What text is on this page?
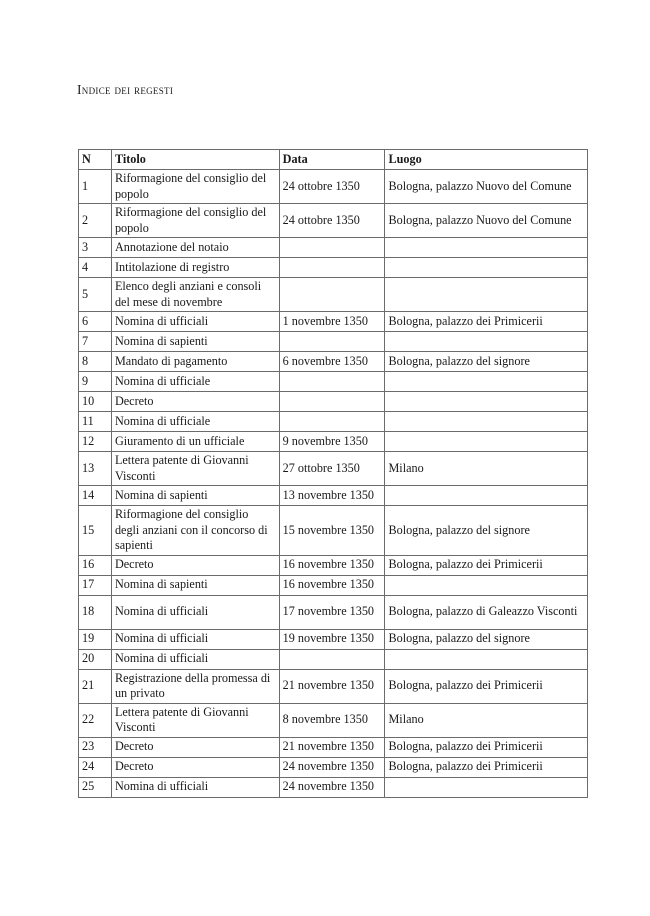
Indice dei regesti
N	Titolo	Data	Luogo
1	Riformagione del consiglio del popolo	24 ottobre 1350	Bologna, palazzo Nuovo del Comune
2	Riformagione del consiglio del popolo	24 ottobre 1350	Bologna, palazzo Nuovo del Comune
3	Annotazione del notaio		
4	Intitolazione di registro		
5	Elenco degli anziani e consoli del mese di novembre		
6	Nomina di ufficiali	1 novembre 1350	Bologna, palazzo dei Primicerii
7	Nomina di sapienti		
8	Mandato di pagamento	6 novembre 1350	Bologna, palazzo del signore
9	Nomina di ufficiale		
10	Decreto		
11	Nomina di ufficiale		
12	Giuramento di un ufficiale	9 novembre 1350	
13	Lettera patente di Giovanni Visconti	27 ottobre 1350	Milano
14	Nomina di sapienti	13 novembre 1350	
15	Riformagione del consiglio degli anziani con il concorso di sapienti	15 novembre 1350	Bologna, palazzo del signore
16	Decreto	16 novembre 1350	Bologna, palazzo dei Primicerii
17	Nomina di sapienti	16 novembre 1350	
18	Nomina di ufficiali	17 novembre 1350	Bologna, palazzo di Galeazzo Visconti
19	Nomina di ufficiali	19 novembre 1350	Bologna, palazzo del signore
20	Nomina di ufficiali		
21	Registrazione della promessa di un privato	21 novembre 1350	Bologna, palazzo dei Primicerii
22	Lettera patente di Giovanni Visconti	8 novembre 1350	Milano
23	Decreto	21 novembre 1350	Bologna, palazzo dei Primicerii
24	Decreto	24 novembre 1350	Bologna, palazzo dei Primicerii
25	Nomina di ufficiali	24 novembre 1350	
